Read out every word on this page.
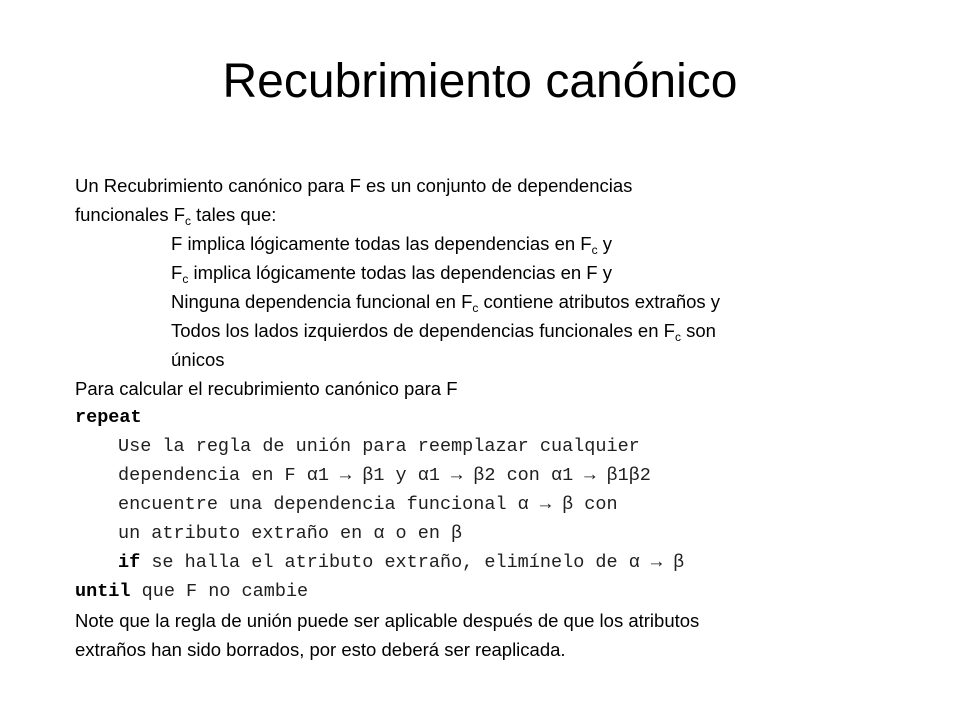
Recubrimiento canónico
Un Recubrimiento canónico para F es un conjunto de dependencias
funcionales $F_c$ tales que:
F implica lógicamente todas las dependencias en $F_c$ y
$F_c$ implica lógicamente todas las dependencias en F y
Ninguna dependencia funcional en $F_c$ contiene atributos extraños y
Todos los lados izquierdos de dependencias funcionales en $F_c$ son
únicos
Para calcular el recubrimiento canónico para F
repeat
Use la regla de unión para reemplazar cualquier
dependencia en F α1 → β1 y α1 → β2 con α1 → β1β2
encuentre una dependencia funcional α → β con
un atributo extraño en α o en β
if se halla el atributo extraño, elimínelo de α → β
until que F no cambie
Note que la regla de unión puede ser aplicable después de que los atributos
extraños han sido borrados, por esto deberá ser reaplicada.
